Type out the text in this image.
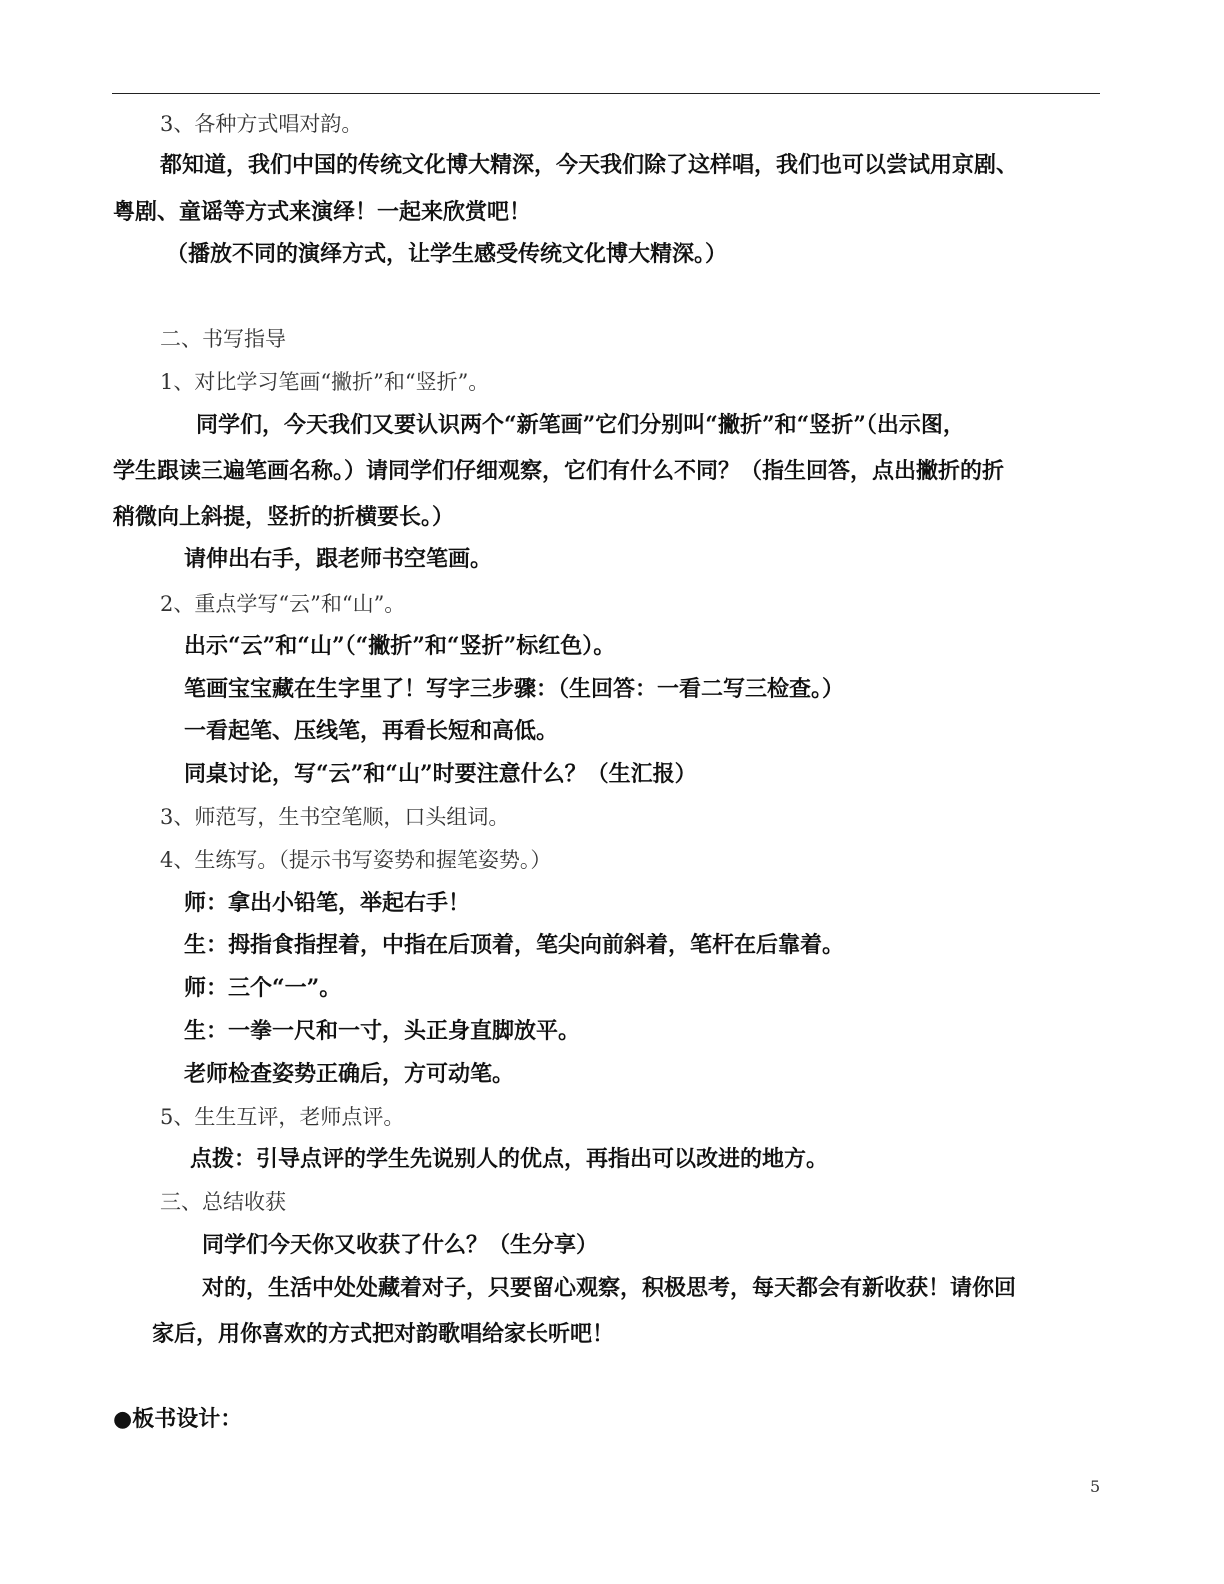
3、各种方式唱对韵。
都知道，我们中国的传统文化博大精深，今天我们除了这样唱，我们也可以尝试用京剧、
粤剧、童谣等方式来演绎！一起来欣赏吧！
（播放不同的演绎方式，让学生感受传统文化博大精深。）
二、书写指导
1、对比学习笔画“撇折”和“竖折”。
同学们，今天我们又要认识两个“新笔画”它们分别叫“撇折”和“竖折”（出示图，
学生跟读三遍笔画名称。）请同学们仔细观察，它们有什么不同？（指生回答，点出撇折的折
稍微向上斜提，竖折的折横要长。）
请伸出右手，跟老师书空笔画。
2、重点学写“云”和“山”。
出示“云”和“山”（“撇折”和“竖折”标红色）。
笔画宝宝藏在生字里了！写字三步骤：（生回答：一看二写三检查。）
一看起笔、压线笔，再看长短和高低。
同桌讨论，写“云”和“山”时要注意什么？（生汇报）
3、师范写，生书空笔顺，口头组词。
4、生练写。（提示书写姿势和握笔姿势。）
师：拿出小铅笔，举起右手！
生：拇指食指捏着，中指在后顶着，笔尖向前斜着，笔杆在后靠着。
师：三个“一”。
生：一拳一尺和一寸，头正身直脚放平。
老师检查姿势正确后，方可动笔。
5、生生互评，老师点评。
点拨：引导点评的学生先说别人的优点，再指出可以改进的地方。
三、总结收获
同学们今天你又收获了什么？（生分享）
对的，生活中处处藏着对子，只要留心观察，积极思考，每天都会有新收获！请你回
家后，用你喜欢的方式把对韵歌唱给家长听吧！
●板书设计：
5
